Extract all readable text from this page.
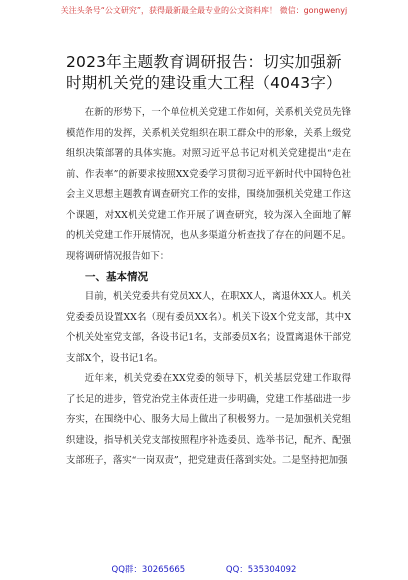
关注头条号“公文研究”，获得最新最全最专业的公文资料库！ 微信：gongwenyj
2023年主题教育调研报告：切实加强新时期机关党的建设重大工程（4043字）

在新的形势下，一个单位机关党建工作如何，关系机关党员先锋模范作用的发挥，关系机关党组织在职工群众中的形象，关系上级党组织决策部署的具体实施。对照习近平总书记对机关党建提出“走在前、作表率”的新要求按照XX党委学习贯彻习近平新时代中国特色社会主义思想主题教育调查研究工作的安排，围绕加强机关党建工作这个课题，对XX机关党建工作开展了调查研究，较为深入全面地了解的机关党建工作开展情况，也从多渠道分析查找了存在的问题不足。现将调研情况报告如下：

一、基本情况

目前，机关党委共有党员XX人，在职XX人，离退休XX人。机关党委委员设置XX名（现有委员XX名）。机关下设X个党支部，其中X个机关处室党支部，各设书记1名，支部委员X名；设置离退休干部党支部X个，设书记1名。

近年来，机关党委在XX党委的领导下，机关基层党建工作取得了长足的进步，管党治党主体责任进一步明确，党建工作基础进一步夯实，在围绕中心、服务大局上做出了积极努力。一是加强机关党组织建设，指导机关党支部按照程序补选委员、选举书记，配齐、配强支部班子，落实“一岗双责”，把党建责任落到实处。二是坚持把加强

QQ群：30265665	QQ：535304092
